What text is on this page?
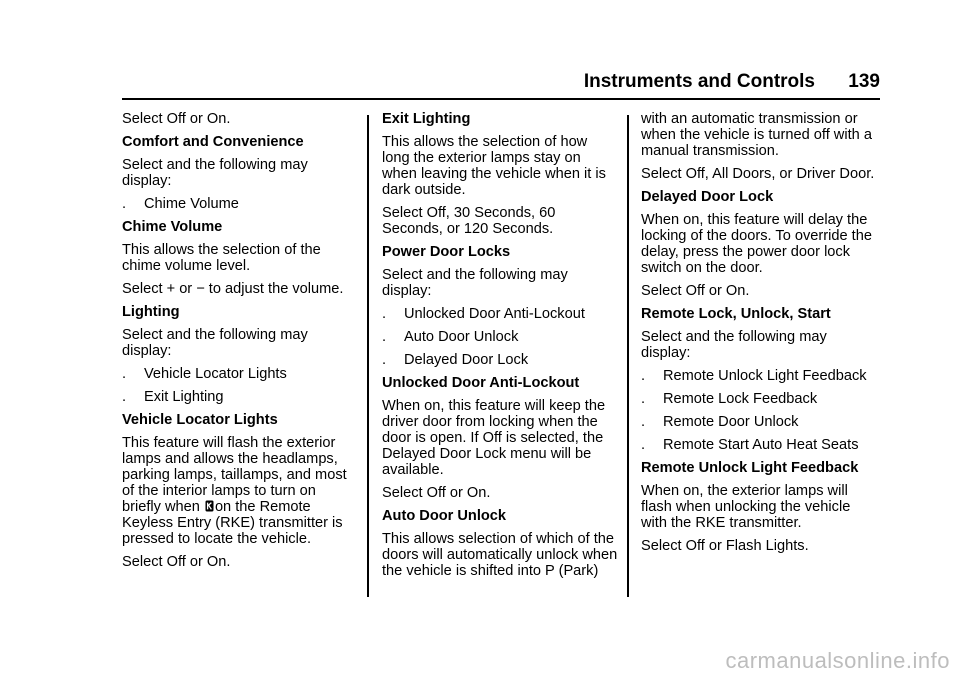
Instruments and Controls	139

Select Off or On.

Comfort and Convenience

Select and the following may display:

. Chime Volume

Chime Volume

This allows the selection of the chime volume level.

Select + or − to adjust the volume.

Lighting

Select and the following may display:

. Vehicle Locator Lights

. Exit Lighting

Vehicle Locator Lights

This feature will flash the exterior lamps and allows the headlamps, parking lamps, taillamps, and most of the interior lamps to turn on briefly when on the Remote Keyless Entry (RKE) transmitter is pressed to locate the vehicle.

Select Off or On.

Exit Lighting

This allows the selection of how long the exterior lamps stay on when leaving the vehicle when it is dark outside.

Select Off, 30 Seconds, 60 Seconds, or 120 Seconds.

Power Door Locks

Select and the following may display:

. Unlocked Door Anti-Lockout

. Auto Door Unlock

. Delayed Door Lock

Unlocked Door Anti-Lockout

When on, this feature will keep the driver door from locking when the door is open. If Off is selected, the Delayed Door Lock menu will be available.

Select Off or On.

Auto Door Unlock

This allows selection of which of the doors will automatically unlock when the vehicle is shifted into P (Park)

with an automatic transmission or when the vehicle is turned off with a manual transmission.

Select Off, All Doors, or Driver Door.

Delayed Door Lock

When on, this feature will delay the locking of the doors. To override the delay, press the power door lock switch on the door.

Select Off or On.

Remote Lock, Unlock, Start

Select and the following may display:

. Remote Unlock Light Feedback

. Remote Lock Feedback

. Remote Door Unlock

. Remote Start Auto Heat Seats

Remote Unlock Light Feedback

When on, the exterior lamps will flash when unlocking the vehicle with the RKE transmitter.

Select Off or Flash Lights.

carmanualsonline.info
